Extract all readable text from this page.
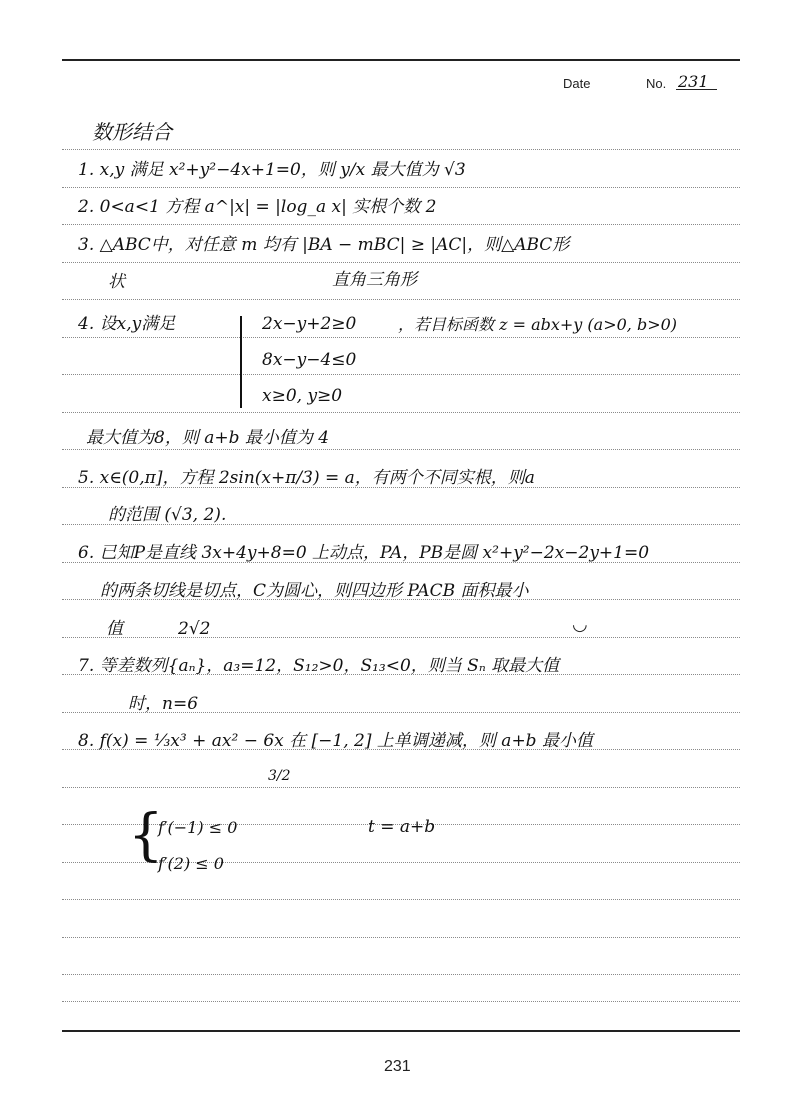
Date	No. 231
数形结合
1. x,y 满足 x²+y²−4x+1=0，则 y/x 最大值为 √3
2. 0<a<1 方程 a^|x| = |log_a x| 实根个数 2
3. △ABC中，对任意 m 均有 |BA − mBC| ≥ |AC|，则△ABC形
状	直角三角形
4. 设x,y满足	2x−y+2≥0	，若目标函数 z = abx+y (a>0, b>0)
8x−y−4≤0
x≥0, y≥0
最大值为8，则 a+b 最小值为 4
5. x∈(0,π]，方程 2sin(x+π/3) = a，有两个不同实根，则a
的范围 (√3, 2).
6. 已知P是直线 3x+4y+8=0 上动点，PA，PB是圆 x²+y²−2x−2y+1=0
的两条切线是切点，C为圆心，则四边形 PACB 面积最小
值	2√2	◡
7. 等差数列{aₙ}，a₃=12，S₁₂>0，S₁₃<0，则当 Sₙ 取最大值
时，n=6
8. f(x) = ⅓x³ + ax² − 6x 在 [−1, 2] 上单调递减，则 a+b 最小值
3/2
{
f′(−1) ≤ 0
f′(2) ≤ 0
t = a+b
231
